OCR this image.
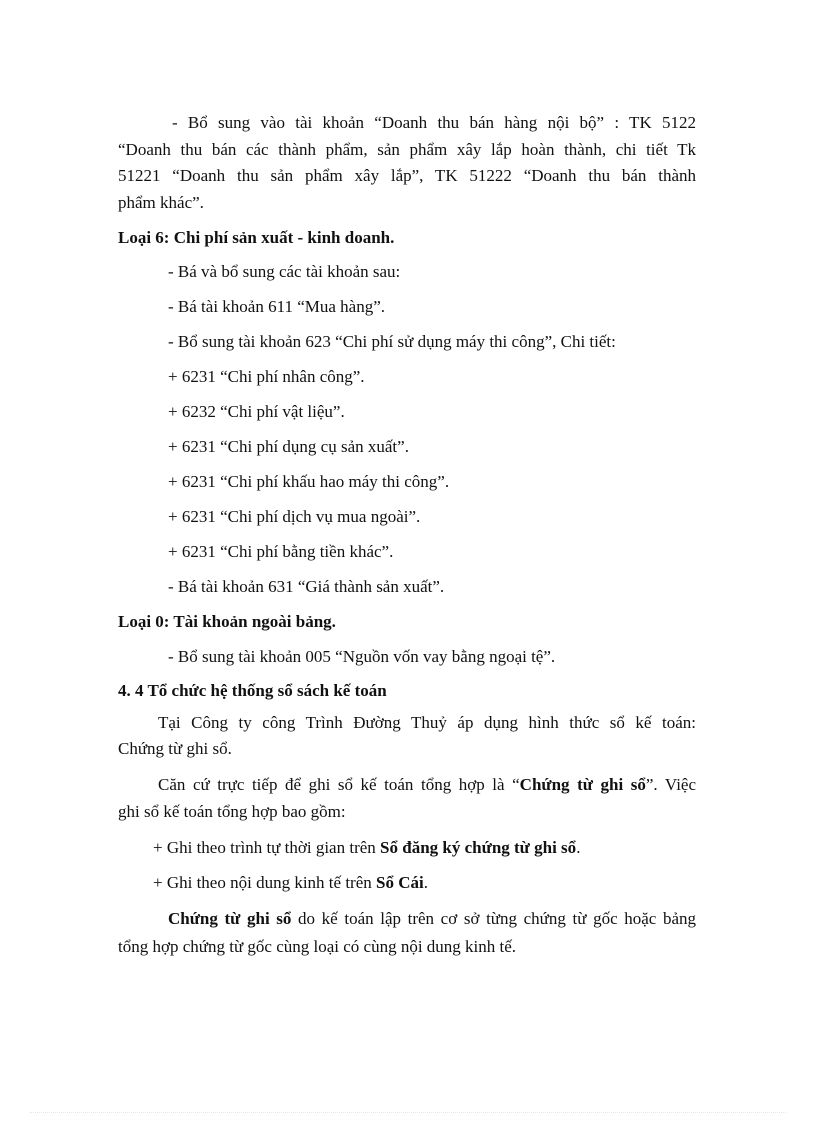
- Bổ sung vào tài khoản “Doanh thu bán hàng nội bộ” : TK 5122
“Doanh thu bán các thành phẩm, sản phẩm xây lắp hoàn thành, chi tiết Tk
51221 “Doanh thu sản phẩm xây lắp”, TK 51222 “Doanh thu bán thành
phẩm khác”.
Loại 6: Chi phí sản xuất - kinh doanh.
- Bá và bổ sung các tài khoản sau:
- Bá tài khoản 611 “Mua hàng”.
- Bổ sung tài khoản 623 “Chi phí sử dụng máy thi công”, Chi tiết:
+ 6231 “Chi phí nhân công”.
+ 6232 “Chi phí vật liệu”.
+ 6231 “Chi phí dụng cụ sản xuất”.
+ 6231 “Chi phí khấu hao máy thi công”.
+ 6231 “Chi phí dịch vụ mua ngoài”.
+ 6231 “Chi phí bằng tiền khác”.
- Bá tài khoản 631 “Giá thành sản xuất”.
Loại 0: Tài khoản ngoài bảng.
- Bổ sung tài khoản 005 “Nguồn vốn vay bằng ngoại tệ”.
4. 4 Tổ chức hệ thống sổ sách kế toán
Tại Công ty công Trình Đường Thuỷ áp dụng hình thức sổ kế toán:
Chứng từ ghi sổ.
Căn cứ trực tiếp để ghi sổ kế toán tổng hợp là “Chứng từ ghi sổ”. Việc
ghi sổ kế toán tổng hợp bao gồm:
+ Ghi theo trình tự thời gian trên Sổ đăng ký chứng từ ghi sổ.
+ Ghi theo nội dung kinh tế trên Sổ Cái.
Chứng từ ghi sổ do kế toán lập trên cơ sở từng chứng từ gốc hoặc bảng
tổng hợp chứng từ gốc cùng loại có cùng nội dung kinh tế.
